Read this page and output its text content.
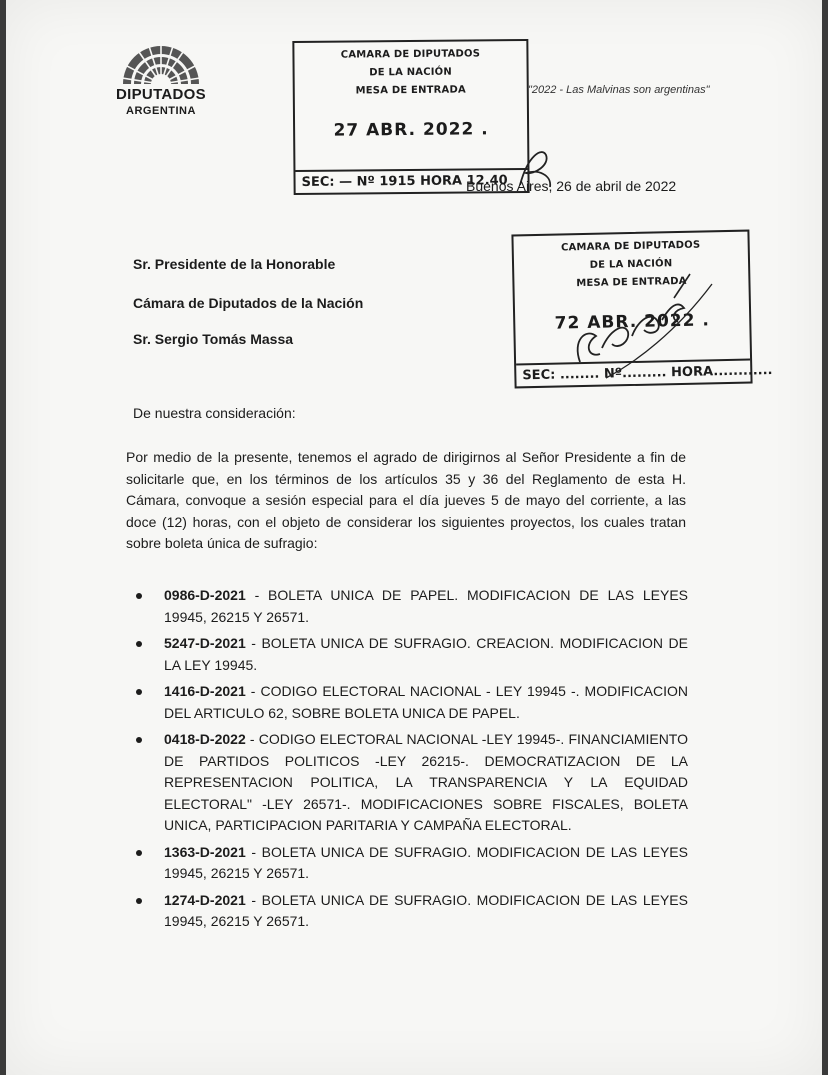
DIPUTADOS
ARGENTINA
"2022 - Las Malvinas son argentinas"
CAMARA DE DIPUTADOS
DE LA NACIÓN
MESA DE ENTRADA
27 ABR. 2022 .
SEC: — Nº 1915 HORA 12.40
CAMARA DE DIPUTADOS
DE LA NACIÓN
MESA DE ENTRADA
72 ABR. 2022 .
SEC: ........ Nº......... HORA............
Buenos Aires, 26 de abril de 2022
Sr. Presidente de la Honorable
Cámara de Diputados de la Nación
Sr. Sergio Tomás Massa
De nuestra consideración:
Por medio de la presente, tenemos el agrado de dirigirnos al Señor Presidente a fin de solicitarle que, en los términos de los artículos 35 y 36 del Reglamento de esta H. Cámara, convoque a sesión especial para el día jueves 5 de mayo del corriente, a las doce (12) horas, con el objeto de considerar los siguientes proyectos, los cuales tratan sobre boleta única de sufragio:
0986-D-2021 - BOLETA UNICA DE PAPEL. MODIFICACION DE LAS LEYES 19945, 26215 Y 26571.
5247-D-2021 - BOLETA UNICA DE SUFRAGIO. CREACION. MODIFICACION DE LA LEY 19945.
1416-D-2021 - CODIGO ELECTORAL NACIONAL - LEY 19945 -. MODIFICACION DEL ARTICULO 62, SOBRE BOLETA UNICA DE PAPEL.
0418-D-2022 - CODIGO ELECTORAL NACIONAL -LEY 19945-. FINANCIAMIENTO DE PARTIDOS POLITICOS -LEY 26215-. DEMOCRATIZACION DE LA REPRESENTACION POLITICA, LA TRANSPARENCIA Y LA EQUIDAD ELECTORAL" -LEY 26571-. MODIFICACIONES SOBRE FISCALES, BOLETA UNICA, PARTICIPACION PARITARIA Y CAMPAÑA ELECTORAL.
1363-D-2021 - BOLETA UNICA DE SUFRAGIO. MODIFICACION DE LAS LEYES 19945, 26215 Y 26571.
1274-D-2021 - BOLETA UNICA DE SUFRAGIO. MODIFICACION DE LAS LEYES 19945, 26215 Y 26571.
